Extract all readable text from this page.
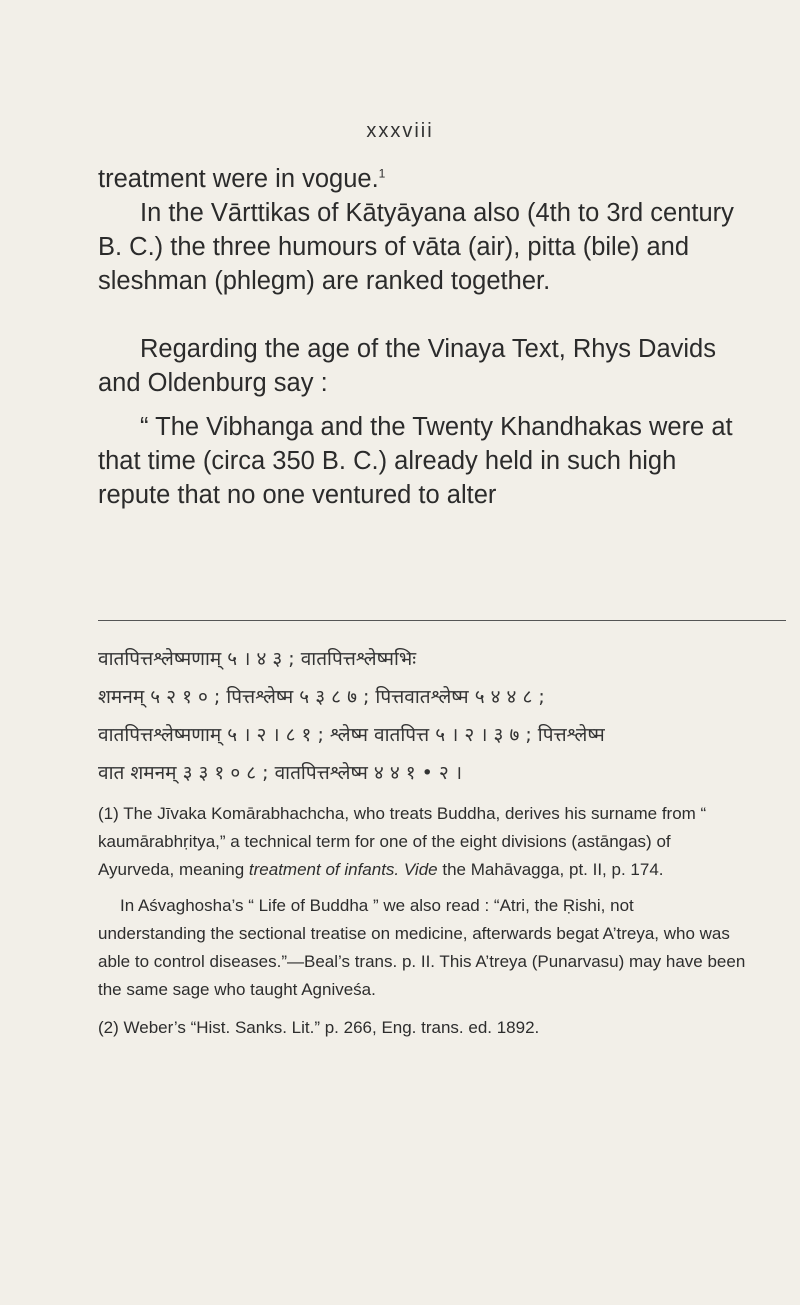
xxxviii

treatment were in vogue.$^1$

In the Vārttikas of Kātyāyana also (4th to 3rd century B. C.) the three humours of vāta (air), pitta (bile) and sleshman (phlegm) are ranked together.

Regarding the age of the Vinaya Text, Rhys Davids and Oldenburg say :

“ The Vibhanga and the Twenty Khandhakas were at that time (circa 350 B. C.) already held in such high repute that no one ventured to alter

वातपित्तश्लेष्मणाम् ५ । ४ ३ ; वातपित्तश्लेष्मभिः
शमनम् ५ २ १ ० ; पित्तश्लेष्म ५ ३ ८ ७ ; पित्तवातश्लेष्म ५ ४ ४ ८ ;
वातपित्तश्लेष्मणाम् ५ । २ । ८ १ ; श्लेष्म वातपित्त ५ । २ । ३ ७ ; पित्तश्लेष्म
वात शमनम् ३ ३ १ ० ८ ; वातपित्तश्लेष्म ४ ४ १ • २ ।

(1) The Jīvaka Komārabhachcha, who treats Buddha, derives his surname from “ kaumārabhṛitya,” a technical term for one of the eight divisions (astāngas) of Ayurveda, meaning treatment of infants. Vide the Mahāvagga, pt. II, p. 174.

In Aśvaghosha’s “ Life of Buddha ” we also read : “Atri, the Ṛishi, not understanding the sectional treatise on medicine, afterwards begat A’treya, who was able to control diseases.”—Beal’s trans. p. II. This A’treya (Punarvasu) may have been the same sage who taught Agniveśa.

(2) Weber’s “Hist. Sanks. Lit.” p. 266, Eng. trans. ed. 1892.
